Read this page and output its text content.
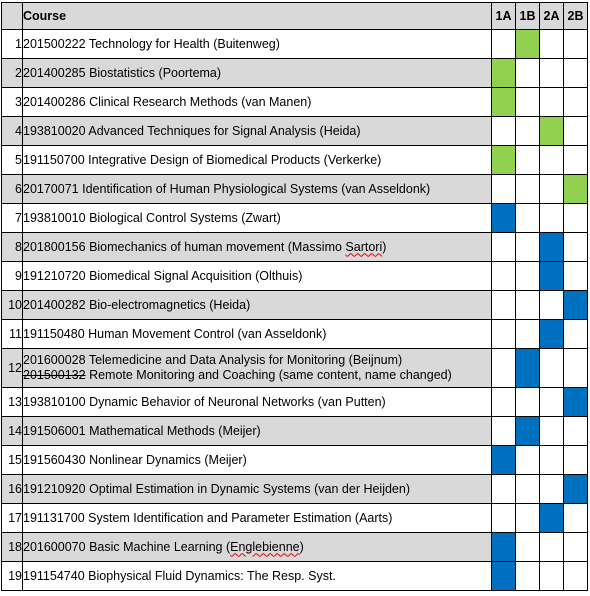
	Course	1A	1B	2A	2B
1	201500222 Technology for Health (Buitenweg)				

2	201400285 Biostatistics (Poortema)				

3	201400286 Clinical Research Methods (van Manen)				

4	193810020 Advanced Techniques for Signal Analysis (Heida)				

5	191150700 Integrative Design of Biomedical Products (Verkerke)				

6	20170071 Identification of Human Physiological Systems (van Asseldonk)				

7	193810010 Biological Control Systems (Zwart)				

8	201800156 Biomechanics of human movement (Massimo Sartori)				

9	191210720 Biomedical Signal Acquisition (Olthuis)				

10	201400282 Bio-electromagnetics (Heida)				

11	191150480 Human Movement Control (van Asseldonk)				

12	201600028 Telemedicine and Data Analysis for Monitoring (Beijnum)
201500132 Remote Monitoring and Coaching (same content, name changed)				

13	193810100 Dynamic Behavior of Neuronal Networks (van Putten)				

14	191506001 Mathematical Methods (Meijer)				

15	191560430 Nonlinear Dynamics (Meijer)				

16	191210920 Optimal Estimation in Dynamic Systems (van der Heijden)				

17	191131700 System Identification and Parameter Estimation (Aarts)				

18	201600070 Basic Machine Learning (Englebienne)				

19	191154740 Biophysical Fluid Dynamics: The Resp. Syst.				
